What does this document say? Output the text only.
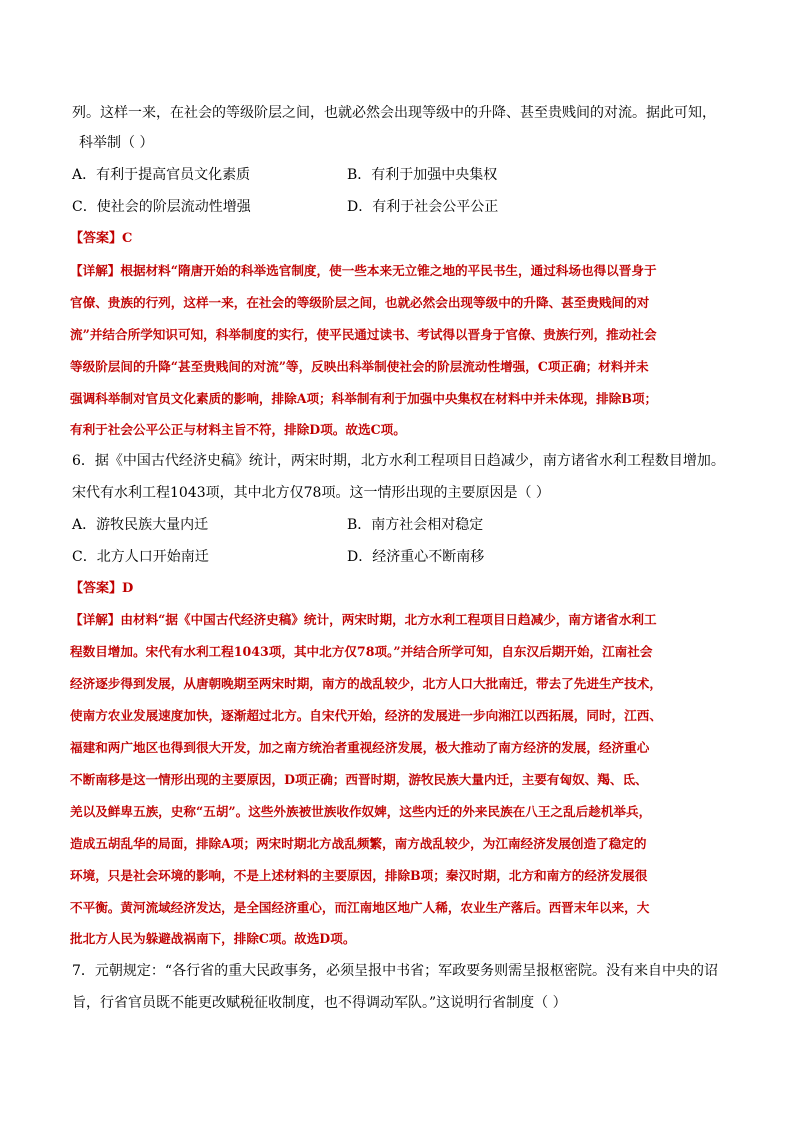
列。这样一来，在社会的等级阶层之间，也就必然会出现等级中的升降、甚至贵贱间的对流。据此可知，
科举制（ ）
A．有利于提高官员文化素质	B．有利于加强中央集权
C．使社会的阶层流动性增强	D．有利于社会公平公正
【答案】C
【详解】根据材料“隋唐开始的科举选官制度，使一些本来无立锥之地的平民书生，通过科场也得以晋身于
官僚、贵族的行列，这样一来，在社会的等级阶层之间，也就必然会出现等级中的升降、甚至贵贱间的对
流”并结合所学知识可知，科举制度的实行，使平民通过读书、考试得以晋身于官僚、贵族行列，推动社会
等级阶层间的升降“甚至贵贱间的对流”等，反映出科举制使社会的阶层流动性增强，C项正确；材料并未
强调科举制对官员文化素质的影响，排除A项；科举制有利于加强中央集权在材料中并未体现，排除B项；
有利于社会公平公正与材料主旨不符，排除D项。故选C项。
6．据《中国古代经济史稿》统计，两宋时期，北方水利工程项目日趋减少，南方诸省水利工程数目增加。
宋代有水利工程1043项，其中北方仅78项。这一情形出现的主要原因是（ ）
A．游牧民族大量内迁	B．南方社会相对稳定
C．北方人口开始南迁	D．经济重心不断南移
【答案】D
【详解】由材料“据《中国古代经济史稿》统计，两宋时期，北方水利工程项目日趋减少，南方诸省水利工
程数目增加。宋代有水利工程1043项，其中北方仅78项。”并结合所学可知，自东汉后期开始，江南社会
经济逐步得到发展，从唐朝晚期至两宋时期，南方的战乱较少，北方人口大批南迁，带去了先进生产技术，
使南方农业发展速度加快，逐渐超过北方。自宋代开始，经济的发展进一步向湘江以西拓展，同时，江西、
福建和两广地区也得到很大开发，加之南方统治者重视经济发展，极大推动了南方经济的发展，经济重心
不断南移是这一情形出现的主要原因，D项正确；西晋时期，游牧民族大量内迁，主要有匈奴、羯、氐、
羌以及鲜卑五族，史称“五胡”。这些外族被世族收作奴婢，这些内迁的外来民族在八王之乱后趁机举兵，
造成五胡乱华的局面，排除A项；两宋时期北方战乱频繁，南方战乱较少，为江南经济发展创造了稳定的
环境，只是社会环境的影响，不是上述材料的主要原因，排除B项；秦汉时期，北方和南方的经济发展很
不平衡。黄河流域经济发达，是全国经济重心，而江南地区地广人稀，农业生产落后。西晋末年以来，大
批北方人民为躲避战祸南下，排除C项。故选D项。
7．元朝规定：“各行省的重大民政事务，必须呈报中书省；军政要务则需呈报枢密院。没有来自中央的诏
旨，行省官员既不能更改赋税征收制度，也不得调动军队。”这说明行省制度（ ）
